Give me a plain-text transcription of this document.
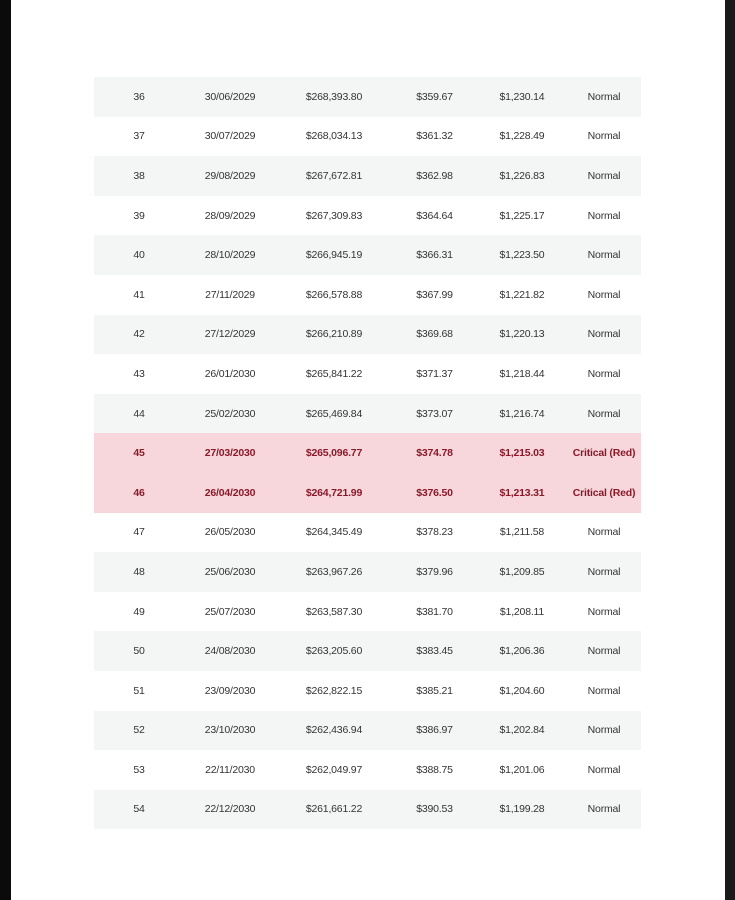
36	30/06/2029	$268,393.80	$359.67	$1,230.14	Normal
37	30/07/2029	$268,034.13	$361.32	$1,228.49	Normal
38	29/08/2029	$267,672.81	$362.98	$1,226.83	Normal
39	28/09/2029	$267,309.83	$364.64	$1,225.17	Normal
40	28/10/2029	$266,945.19	$366.31	$1,223.50	Normal
41	27/11/2029	$266,578.88	$367.99	$1,221.82	Normal
42	27/12/2029	$266,210.89	$369.68	$1,220.13	Normal
43	26/01/2030	$265,841.22	$371.37	$1,218.44	Normal
44	25/02/2030	$265,469.84	$373.07	$1,216.74	Normal
45	27/03/2030	$265,096.77	$374.78	$1,215.03	Critical (Red)
46	26/04/2030	$264,721.99	$376.50	$1,213.31	Critical (Red)
47	26/05/2030	$264,345.49	$378.23	$1,211.58	Normal
48	25/06/2030	$263,967.26	$379.96	$1,209.85	Normal
49	25/07/2030	$263,587.30	$381.70	$1,208.11	Normal
50	24/08/2030	$263,205.60	$383.45	$1,206.36	Normal
51	23/09/2030	$262,822.15	$385.21	$1,204.60	Normal
52	23/10/2030	$262,436.94	$386.97	$1,202.84	Normal
53	22/11/2030	$262,049.97	$388.75	$1,201.06	Normal
54	22/12/2030	$261,661.22	$390.53	$1,199.28	Normal
